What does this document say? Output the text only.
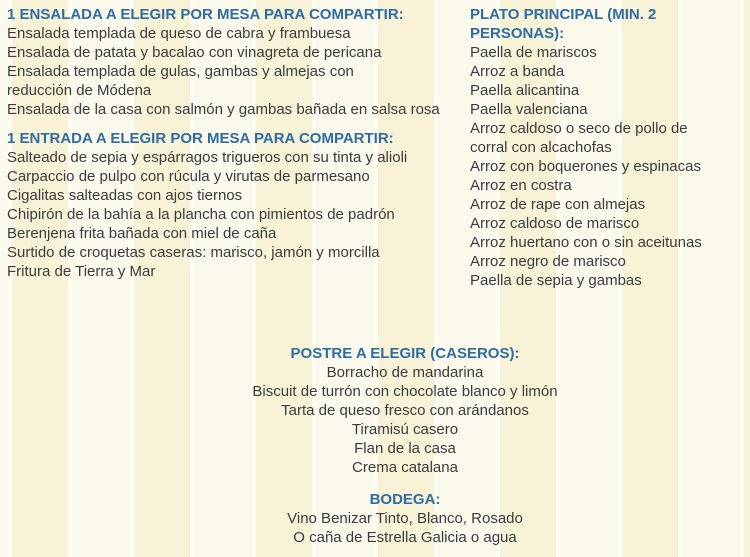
1 ENSALADA A ELEGIR POR MESA PARA COMPARTIR:
Ensalada templada de queso de cabra y frambuesa
Ensalada de patata y bacalao con vinagreta de pericana
Ensalada templada de gulas, gambas y almejas con
reducción de Módena
Ensalada de la casa con salmón y gambas bañada en salsa rosa
1 ENTRADA A ELEGIR POR MESA PARA COMPARTIR:
Salteado de sepia y espárragos trigueros con su tinta y alioli
Carpaccio de pulpo con rúcula y virutas de parmesano
Cigalitas salteadas con ajos tiernos
Chipirón de la bahía a la plancha con pimientos de padrón
Berenjena frita bañada con miel de caña
Surtido de croquetas caseras: marisco, jamón y morcilla
Fritura de Tierra y Mar
PLATO PRINCIPAL (MIN. 2 PERSONAS):
Paella de mariscos
Arroz a banda
Paella alicantina
Paella valenciana
Arroz caldoso o seco de pollo de
corral con alcachofas
Arroz con boquerones y espinacas
Arroz en costra
Arroz de rape con almejas
Arroz caldoso de marisco
Arroz huertano con o sin aceitunas
Arroz negro de marisco
Paella de sepia y gambas
POSTRE A ELEGIR (CASEROS):
Borracho de mandarina
Biscuit de turrón con chocolate blanco y limón
Tarta de queso fresco con arándanos
Tiramisú casero
Flan de la casa
Crema catalana
BODEGA:
Vino Benizar Tinto, Blanco, Rosado
O caña de Estrella Galicia o agua
